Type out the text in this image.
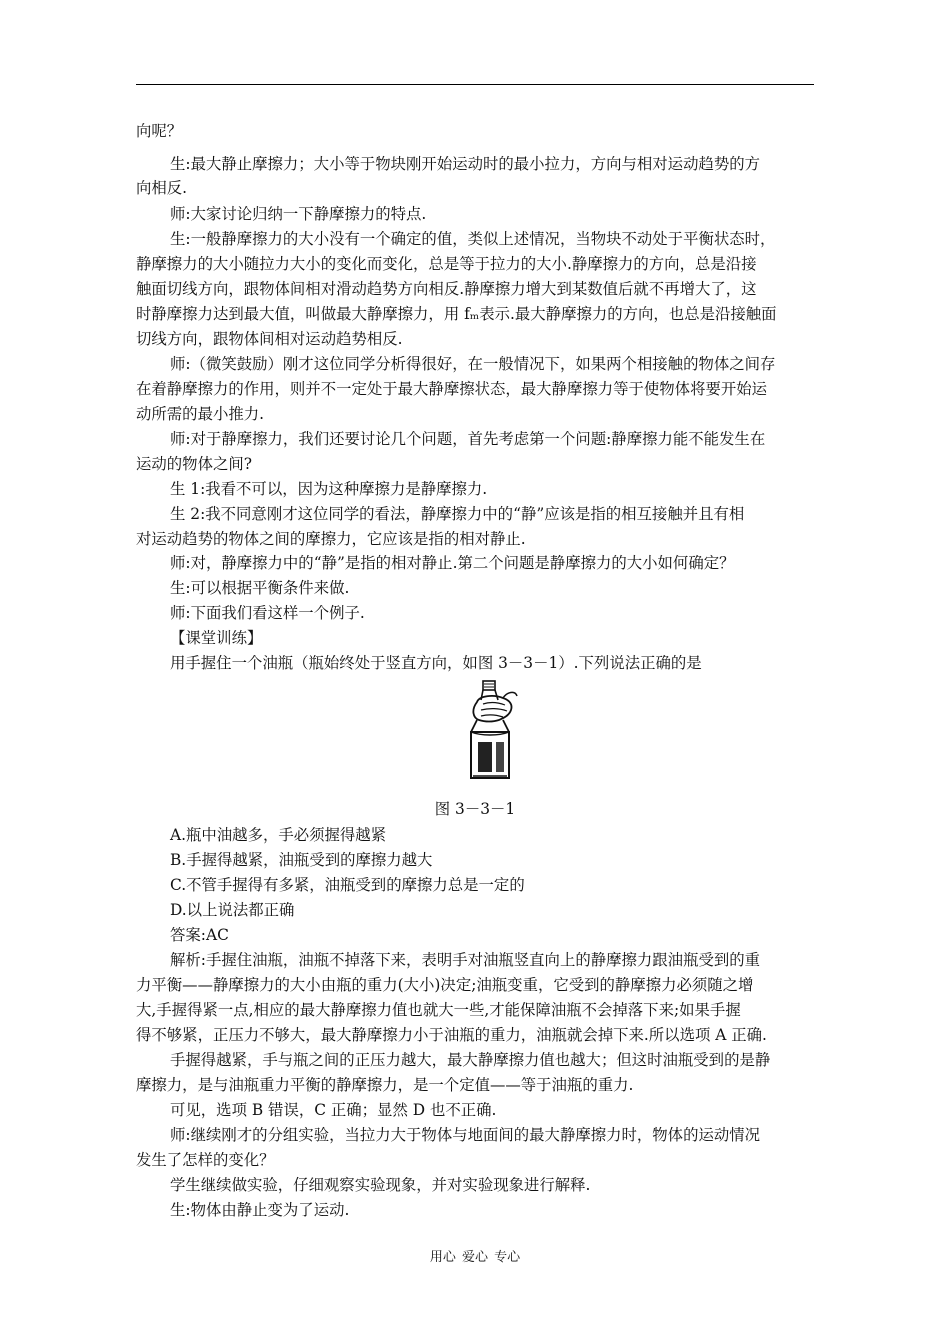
向呢？
生:最大静止摩擦力；大小等于物块刚开始运动时的最小拉力，方向与相对运动趋势的方
向相反.
师:大家讨论归纳一下静摩擦力的特点.
生:一般静摩擦力的大小没有一个确定的值，类似上述情况，当物块不动处于平衡状态时，
静摩擦力的大小随拉力大小的变化而变化，总是等于拉力的大小.静摩擦力的方向，总是沿接
触面切线方向，跟物体间相对滑动趋势方向相反.静摩擦力增大到某数值后就不再增大了，这
时静摩擦力达到最大值，叫做最大静摩擦力，用 fₘ表示.最大静摩擦力的方向，也总是沿接触面
切线方向，跟物体间相对运动趋势相反.
师:（微笑鼓励）刚才这位同学分析得很好，在一般情况下，如果两个相接触的物体之间存
在着静摩擦力的作用，则并不一定处于最大静摩擦状态，最大静摩擦力等于使物体将要开始运
动所需的最小推力.
师:对于静摩擦力，我们还要讨论几个问题，首先考虑第一个问题:静摩擦力能不能发生在
运动的物体之间?
生 1:我看不可以，因为这种摩擦力是静摩擦力.
生 2:我不同意刚才这位同学的看法，静摩擦力中的“静”应该是指的相互接触并且有相
对运动趋势的物体之间的摩擦力，它应该是指的相对静止.
师:对，静摩擦力中的“静”是指的相对静止.第二个问题是静摩擦力的大小如何确定？
生:可以根据平衡条件来做.
师:下面我们看这样一个例子.
【课堂训练】
用手握住一个油瓶（瓶始终处于竖直方向，如图 3－3－1）.下列说法正确的是
图 3－3－1
A.瓶中油越多，手必须握得越紧
B.手握得越紧，油瓶受到的摩擦力越大
C.不管手握得有多紧，油瓶受到的摩擦力总是一定的
D.以上说法都正确
答案:AC
解析:手握住油瓶，油瓶不掉落下来，表明手对油瓶竖直向上的静摩擦力跟油瓶受到的重
力平衡——静摩擦力的大小由瓶的重力(大小)决定;油瓶变重，它受到的静摩擦力必须随之增
大,手握得紧一点,相应的最大静摩擦力值也就大一些,才能保障油瓶不会掉落下来;如果手握
得不够紧，正压力不够大，最大静摩擦力小于油瓶的重力，油瓶就会掉下来.所以选项 A 正确.
手握得越紧，手与瓶之间的正压力越大，最大静摩擦力值也越大；但这时油瓶受到的是静
摩擦力，是与油瓶重力平衡的静摩擦力，是一个定值——等于油瓶的重力.
可见，选项 B 错误，C 正确；显然 D 也不正确.
师:继续刚才的分组实验，当拉力大于物体与地面间的最大静摩擦力时，物体的运动情况
发生了怎样的变化？
学生继续做实验，仔细观察实验现象，并对实验现象进行解释.
生:物体由静止变为了运动.
用心 爱心 专心
